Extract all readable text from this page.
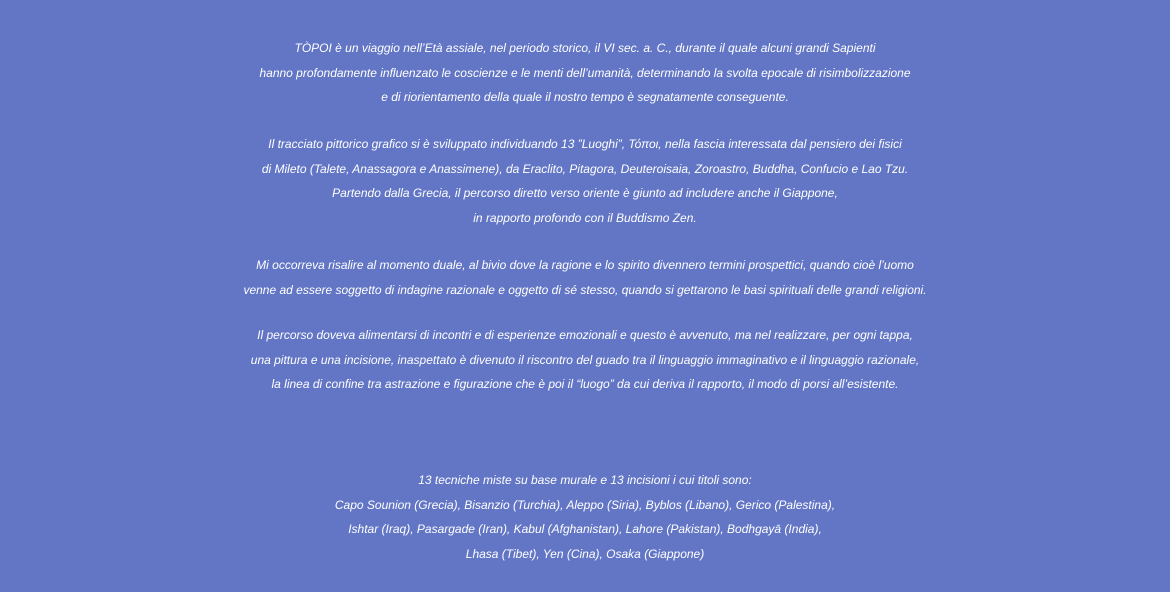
TÒPOI è un viaggio nell’Età assiale, nel periodo storico, il VI sec. a. C., durante il quale alcuni grandi Sapienti
hanno profondamente influenzato le coscienze e le menti dell’umanità, determinando la svolta epocale di risimbolizzazione
e di riorientamento della quale il nostro tempo è segnatamente conseguente.

Il tracciato pittorico grafico si è sviluppato individuando 13 ”Luoghi”, Τόποι, nella fascia interessata dal pensiero dei fisici
di Mileto (Talete, Anassagora e Anassimene), da Eraclito, Pitagora, Deuteroisaia, Zoroastro, Buddha, Confucio e Lao Tzu.
Partendo dalla Grecia, il percorso diretto verso oriente è giunto ad includere anche il Giappone,
in rapporto profondo con il Buddismo Zen.

Mi occorreva risalire al momento duale, al bivio dove la ragione e lo spirito divennero termini prospettici, quando cioè l’uomo
venne ad essere soggetto di indagine razionale e oggetto di sé stesso, quando si gettarono le basi spirituali delle grandi religioni.

Il percorso doveva alimentarsi di incontri e di esperienze emozionali e questo è avvenuto, ma nel realizzare, per ogni tappa,
una pittura e una incisione, inaspettato è divenuto il riscontro del guado tra il linguaggio immaginativo e il linguaggio razionale,
la linea di confine tra astrazione e figurazione che è poi il “luogo” da cui deriva il rapporto, il modo di porsi all’esistente.

13 tecniche miste su base murale e 13 incisioni i cui titoli sono:
Capo Sounion (Grecia), Bisanzio (Turchia), Aleppo (Siria), Byblos (Libano), Gerico (Palestina),
Ishtar (Iraq), Pasargade (Iran), Kabul (Afghanistan), Lahore (Pakistan), Bodhgayā (India),
Lhasa (Tibet), Yen (Cina), Osaka (Giappone)
